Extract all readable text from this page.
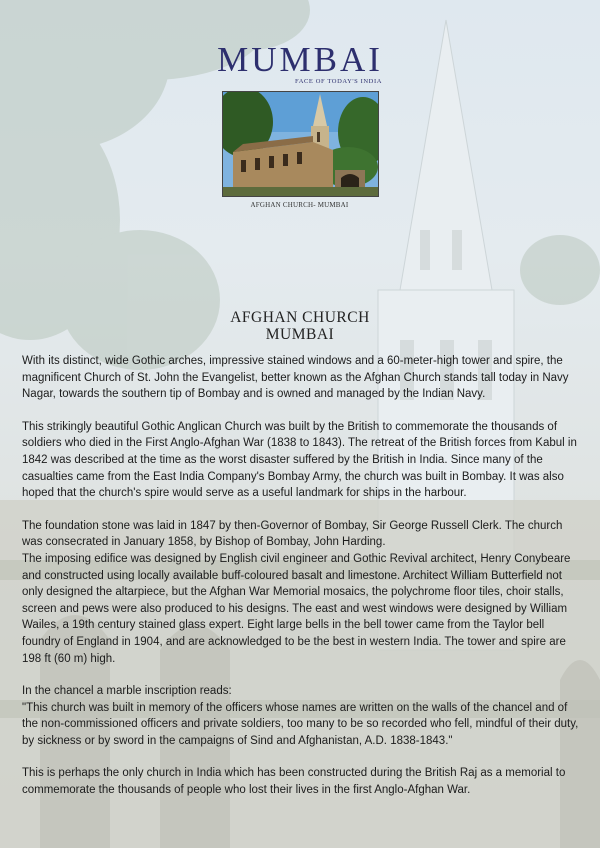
MUMBAI
FACE OF TODAY'S INDIA
AFGHAN CHURCH- MUMBAI
AFGHAN CHURCH
MUMBAI

With its distinct, wide Gothic arches, impressive stained windows and a 60-meter-high tower and spire, the magnificent Church of St. John the Evangelist, better known as the Afghan Church stands tall today in Navy Nagar, towards the southern tip of Bombay and is owned and managed by the Indian Navy.

This strikingly beautiful Gothic Anglican Church was built by the British to commemorate the thousands of soldiers who died in the First Anglo-Afghan War (1838 to 1843). The retreat of the British forces from Kabul in 1842 was described at the time as the worst disaster suffered by the British in India. Since many of the casualties came from the East India Company's Bombay Army, the church was built in Bombay. It was also hoped that the church's spire would serve as a useful landmark for ships in the harbour.

The foundation stone was laid in 1847 by then-Governor of Bombay, Sir George Russell Clerk. The church was consecrated in January 1858, by Bishop of Bombay, John Harding.

The imposing edifice was designed by English civil engineer and Gothic Revival architect, Henry Conybeare and constructed using locally available buff-coloured basalt and limestone. Architect William Butterfield not only designed the altarpiece, but the Afghan War Memorial mosaics, the polychrome floor tiles, choir stalls, screen and pews were also produced to his designs. The east and west windows were designed by William Wailes, a 19th century stained glass expert. Eight large bells in the bell tower came from the Taylor bell foundry of England in 1904, and are acknowledged to be the best in western India. The tower and spire are 198 ft (60 m) high.

In the chancel a marble inscription reads:

"This church was built in memory of the officers whose names are written on the walls of the chancel and of the non-commissioned officers and private soldiers, too many to be so recorded who fell, mindful of their duty, by sickness or by sword in the campaigns of Sind and Afghanistan, A.D. 1838-1843."

This is perhaps the only church in India which has been constructed during the British Raj as a memorial to commemorate the thousands of people who lost their lives in the first Anglo-Afghan War.
